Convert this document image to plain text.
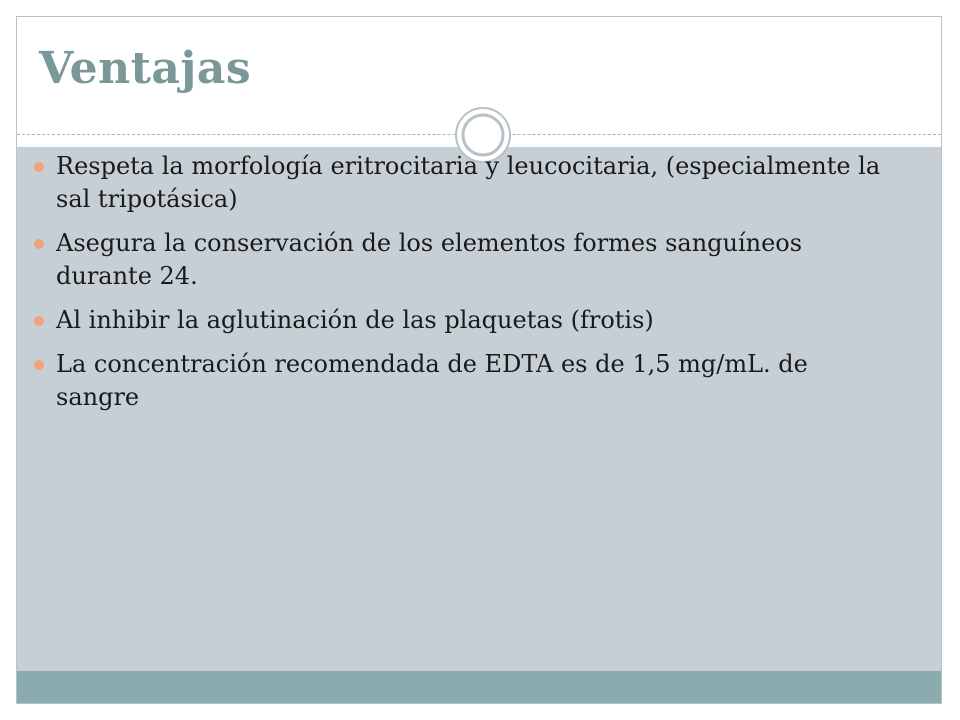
Ventajas
Respeta la morfología eritrocitaria y leucocitaria, (especialmente la sal tripotásica)
Asegura la conservación de los elementos formes sanguíneos durante 24.
Al inhibir la aglutinación de las plaquetas (frotis)
La concentración recomendada de EDTA es de 1,5 mg/mL. de sangre
